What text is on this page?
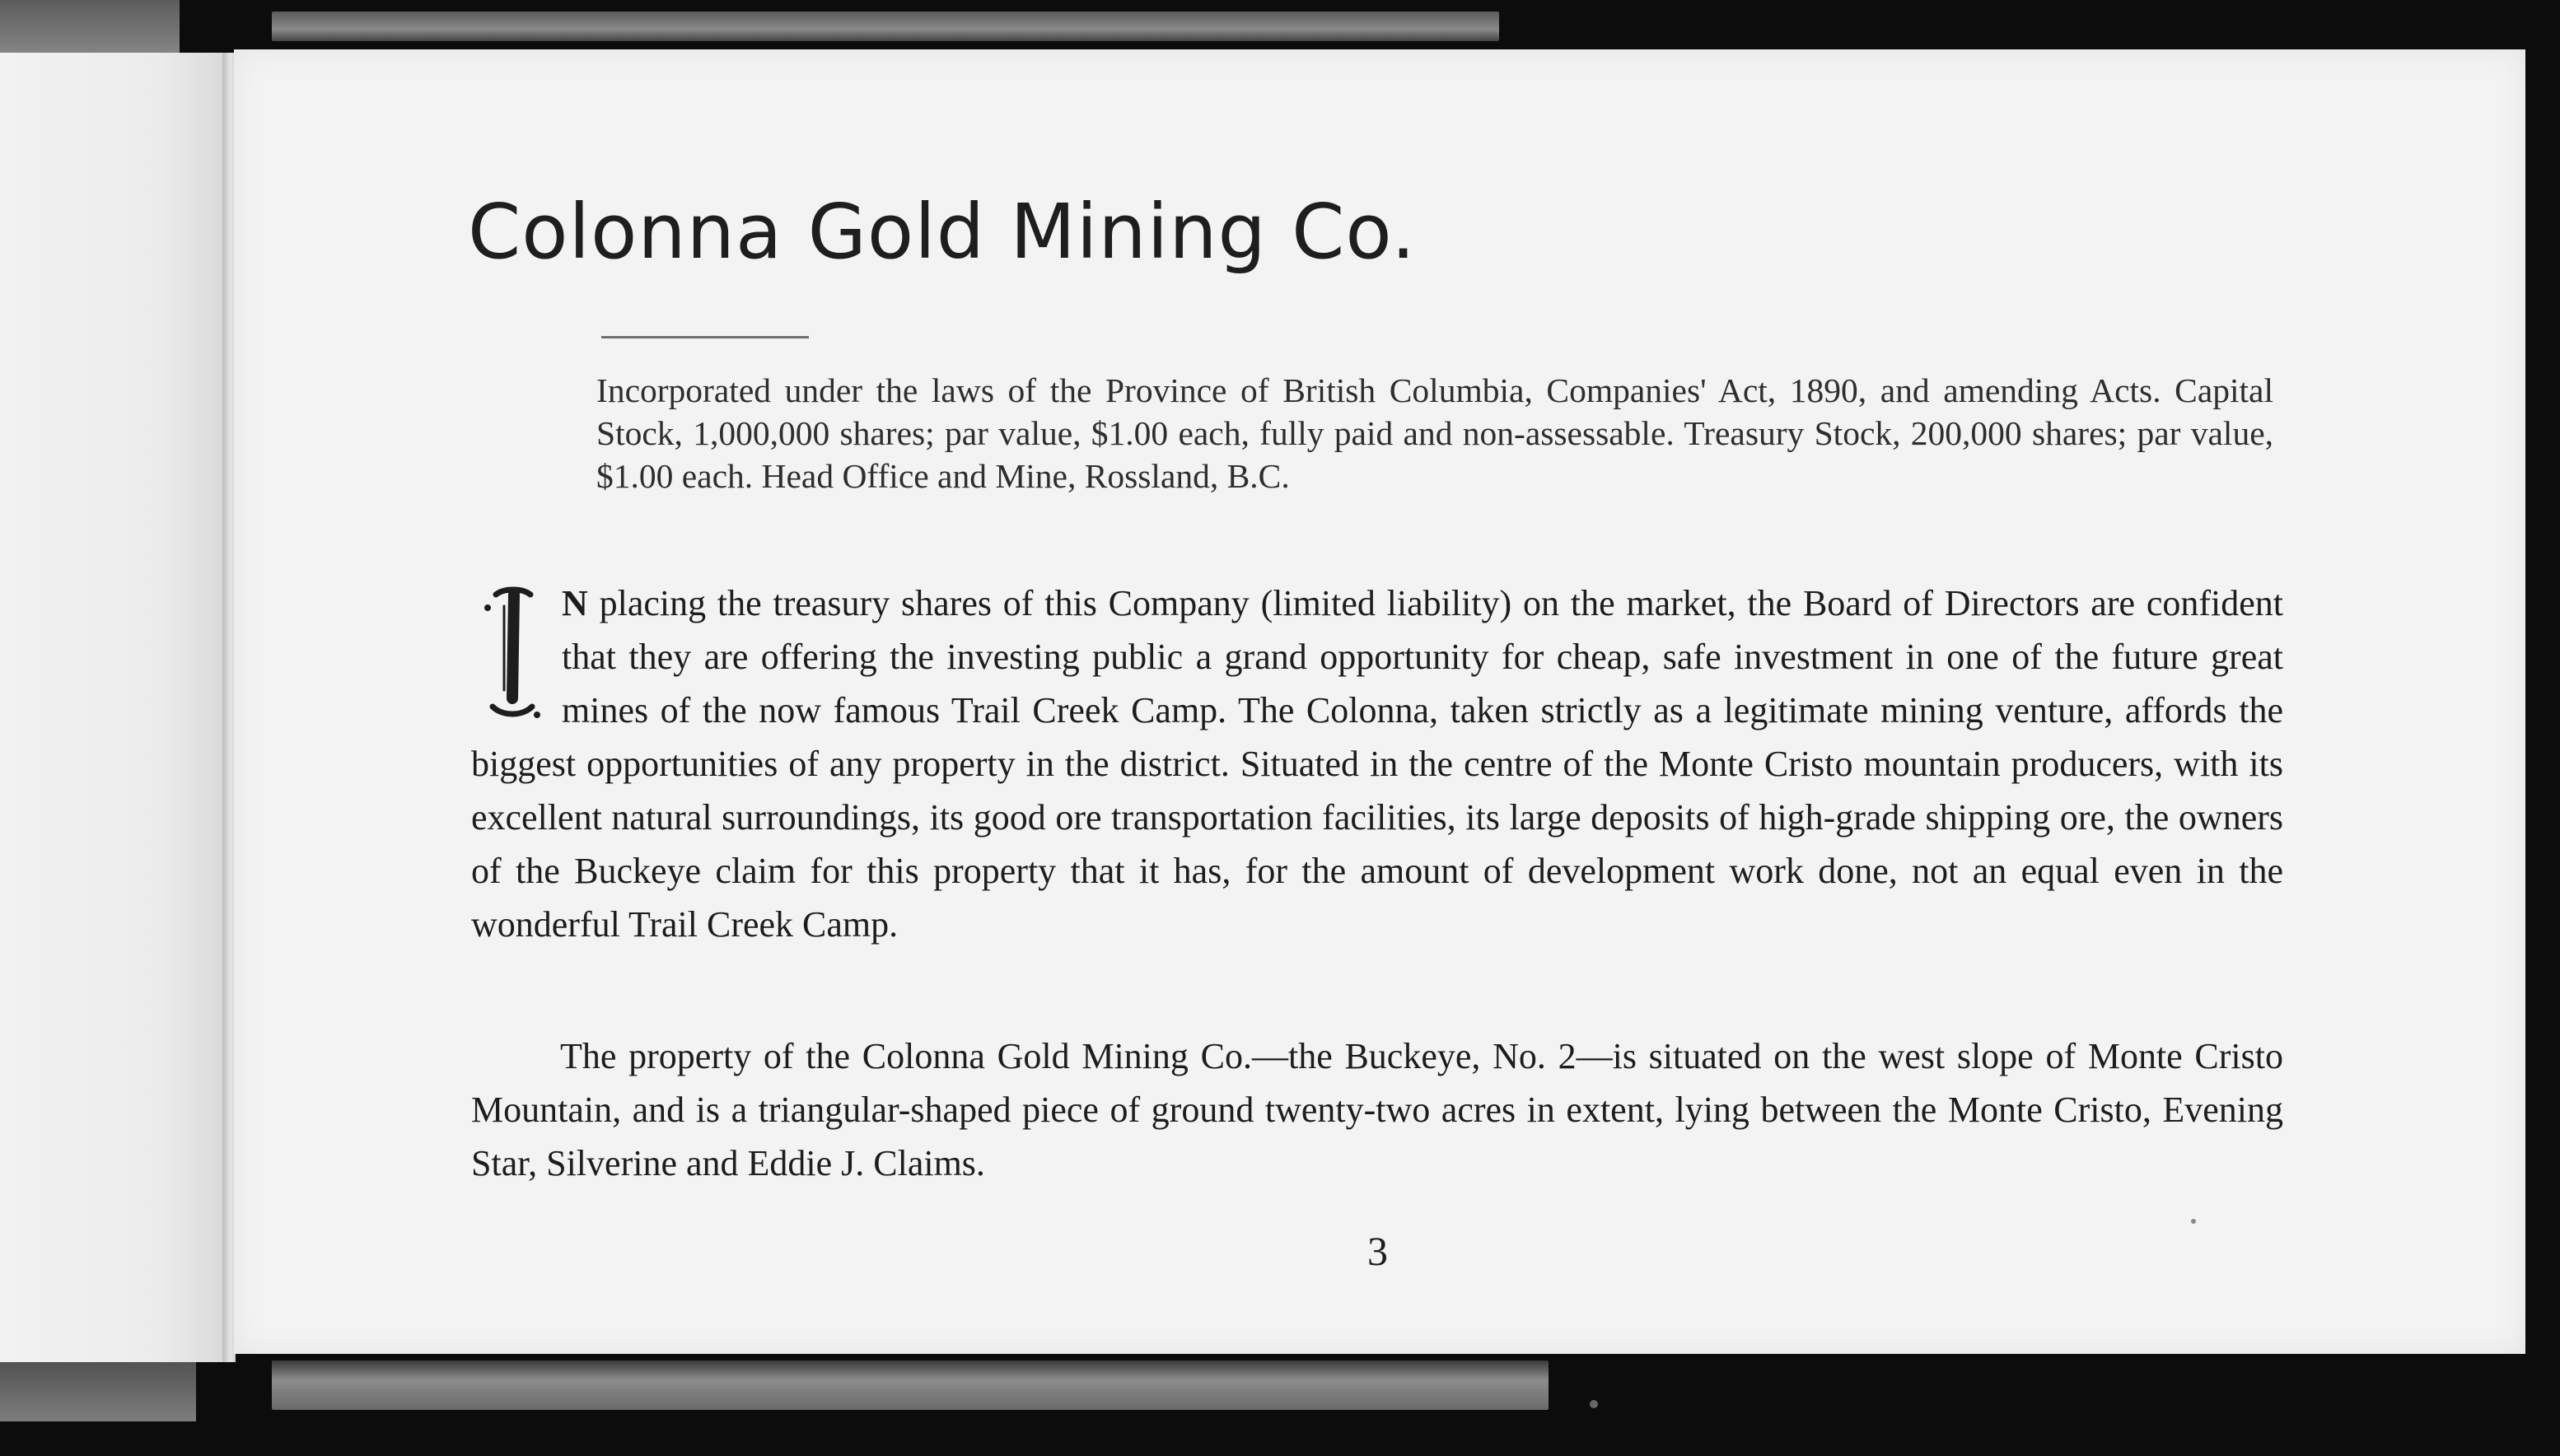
Colonna Gold Mining Co.

Incorporated under the laws of the Province of British Columbia, Companies' Act, 1890, and amending Acts. Capital Stock, 1,000,000 shares; par value, $1.00 each, fully paid and non-assessable. Treasury Stock, 200,000 shares; par value, $1.00 each. Head Office and Mine, Rossland, B.C.

I N placing the treasury shares of this Company (limited liability) on the market, the Board of Directors are confident that they are offering the investing public a grand opportunity for cheap, safe investment in one of the future great mines of the now famous Trail Creek Camp. The Colonna, taken strictly as a legitimate mining venture, affords the biggest opportunities of any property in the district. Situated in the centre of the Monte Cristo mountain producers, with its excellent natural surroundings, its good ore transportation facilities, its large deposits of high-grade shipping ore, the owners of the Buckeye claim for this property that it has, for the amount of development work done, not an equal even in the wonderful Trail Creek Camp.

The property of the Colonna Gold Mining Co.—the Buckeye, No. 2—is situated on the west slope of Monte Cristo Mountain, and is a triangular-shaped piece of ground twenty-two acres in extent, lying between the Monte Cristo, Evening Star, Silverine and Eddie J. Claims.

3
